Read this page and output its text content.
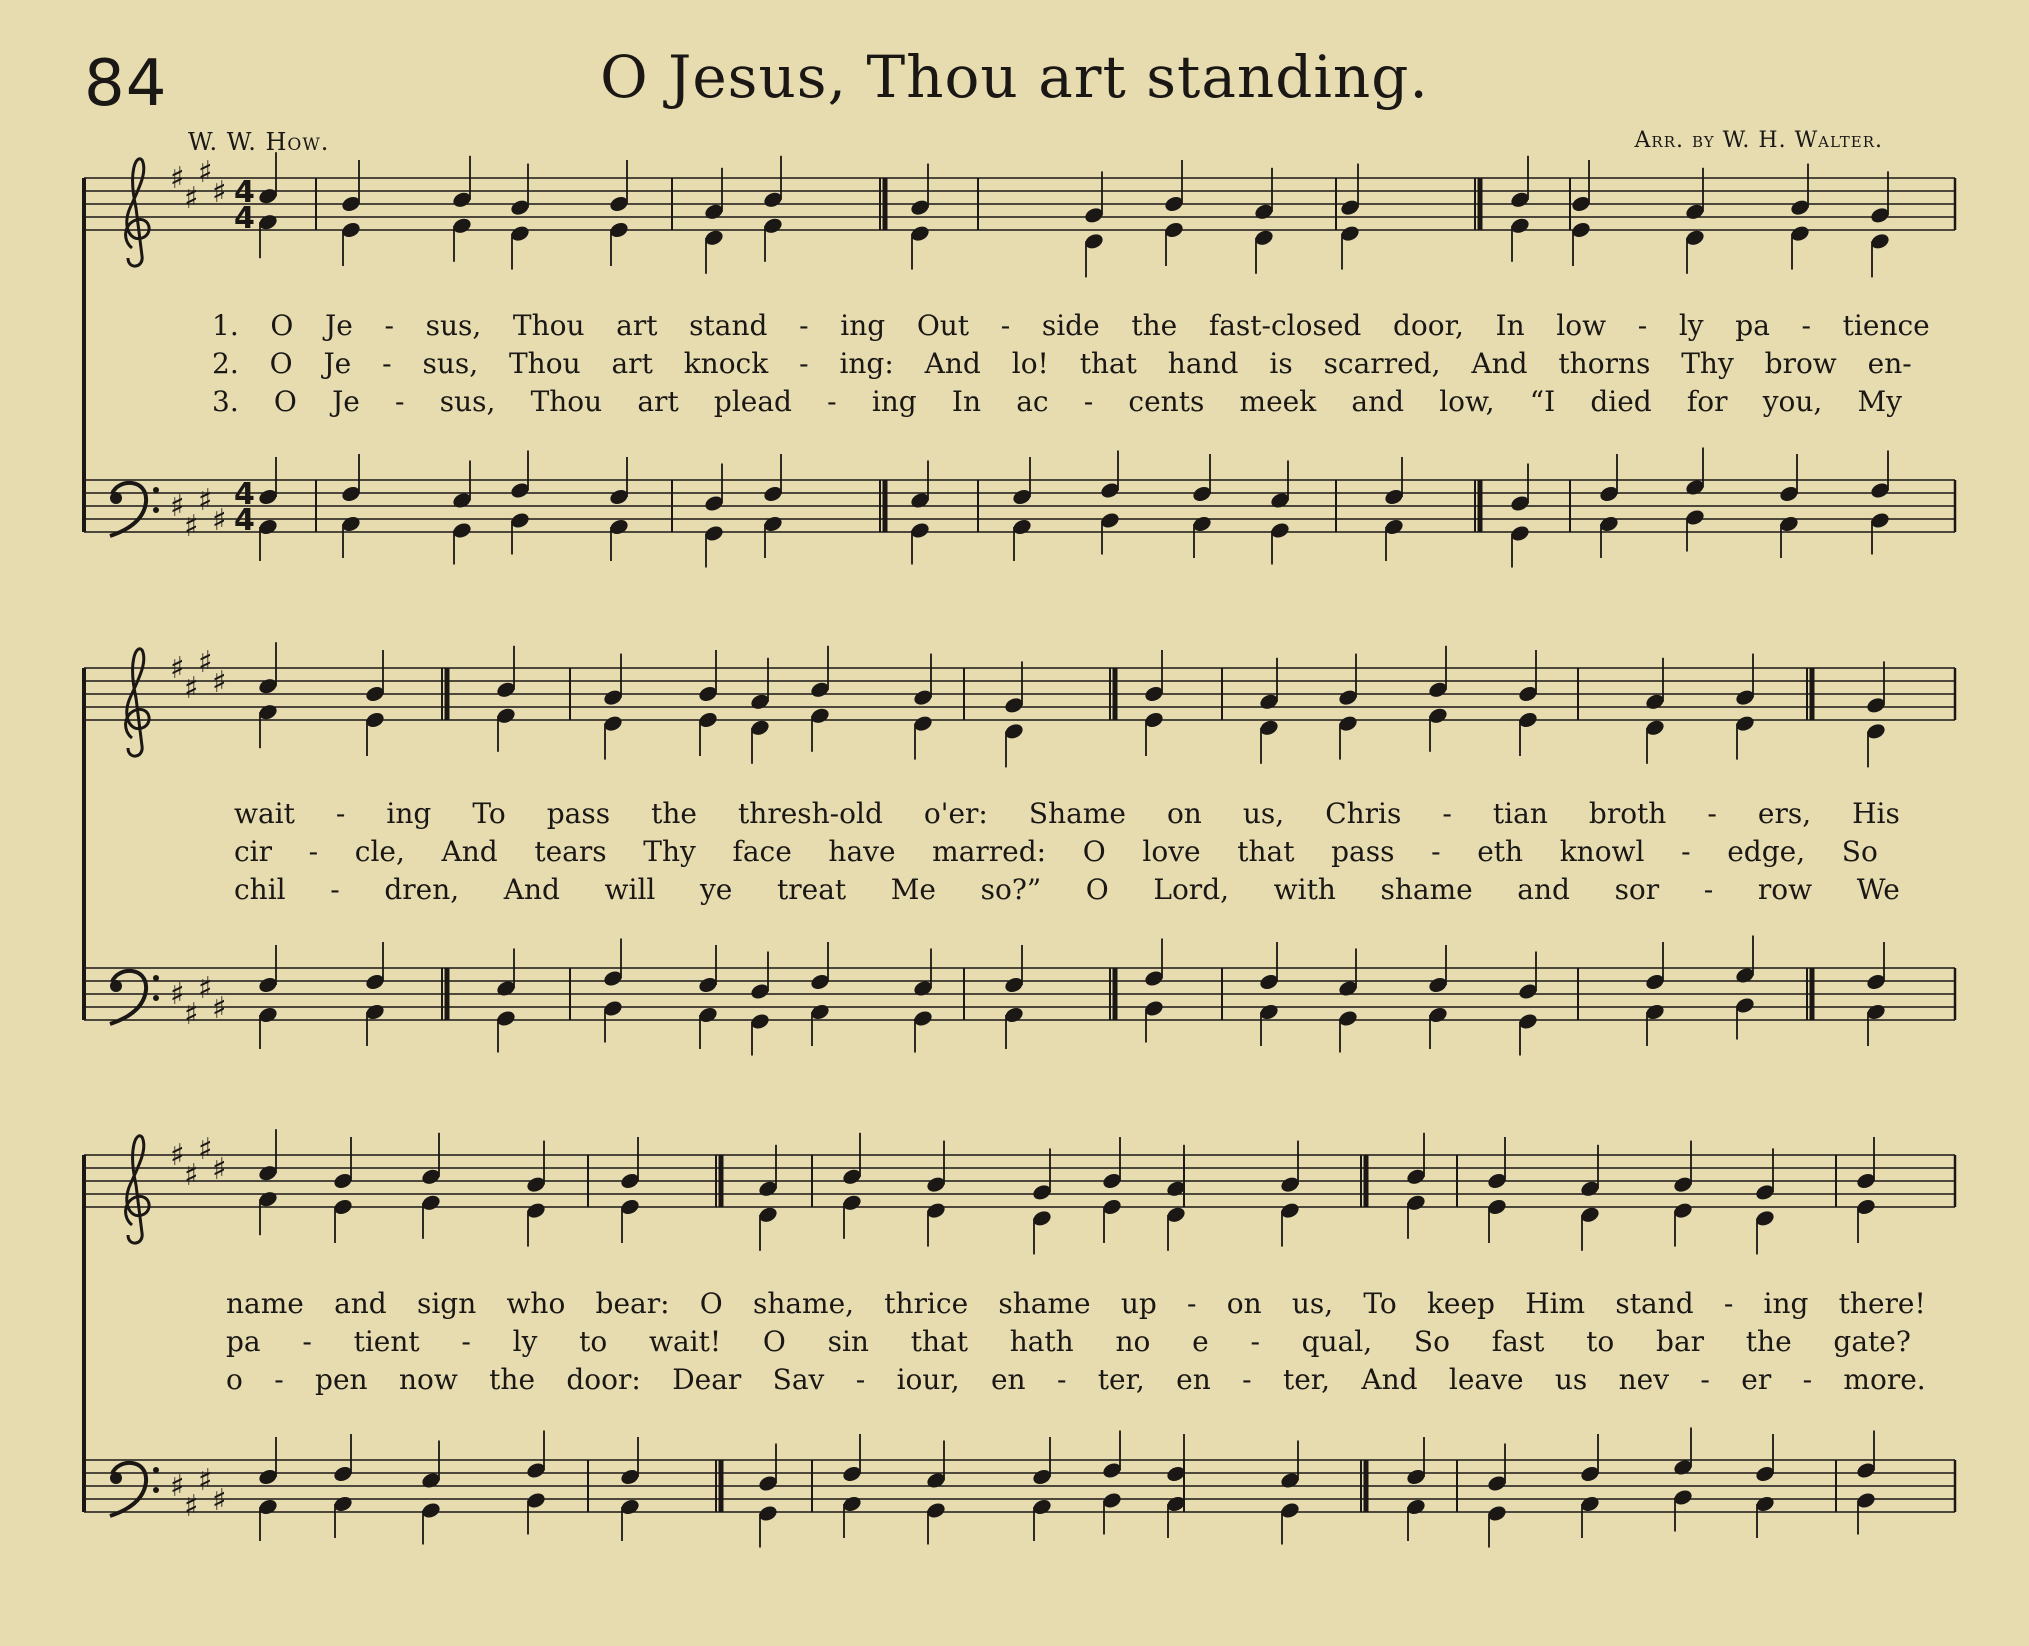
84	O Jesus, Thou art standing.
W. W. How.	Arr. by W. H. Walter.
♯
♯
♯
♯ 4
4
♯
♯
♯
♯
4
4
♯
♯
♯
♯
♯
♯
♯
♯
♯
♯
♯
♯
♯
♯
♯
♯
1. O Je - sus, Thou art stand - ing Out - side the fast-closed door, In low - ly pa - tience
2. O Je - sus, Thou art knock - ing: And lo! that hand is scarred, And thorns Thy brow en-
3. O Je - sus, Thou art plead - ing In ac - cents meek and low, “I died for you, My
wait - ing To pass the thresh-old o'er: Shame on us, Chris - tian broth - ers, His
cir - cle, And tears Thy face have marred: O love that pass - eth knowl - edge, So
chil - dren, And will ye treat Me so?” O Lord, with shame and sor - row We
name and sign who bear: O shame, thrice shame up - on us, To keep Him stand - ing there!
pa - tient - ly to wait! O sin that hath no e - qual, So fast to bar the gate?
o - pen now the door: Dear Sav - iour, en - ter, en - ter, And leave us nev - er - more.
